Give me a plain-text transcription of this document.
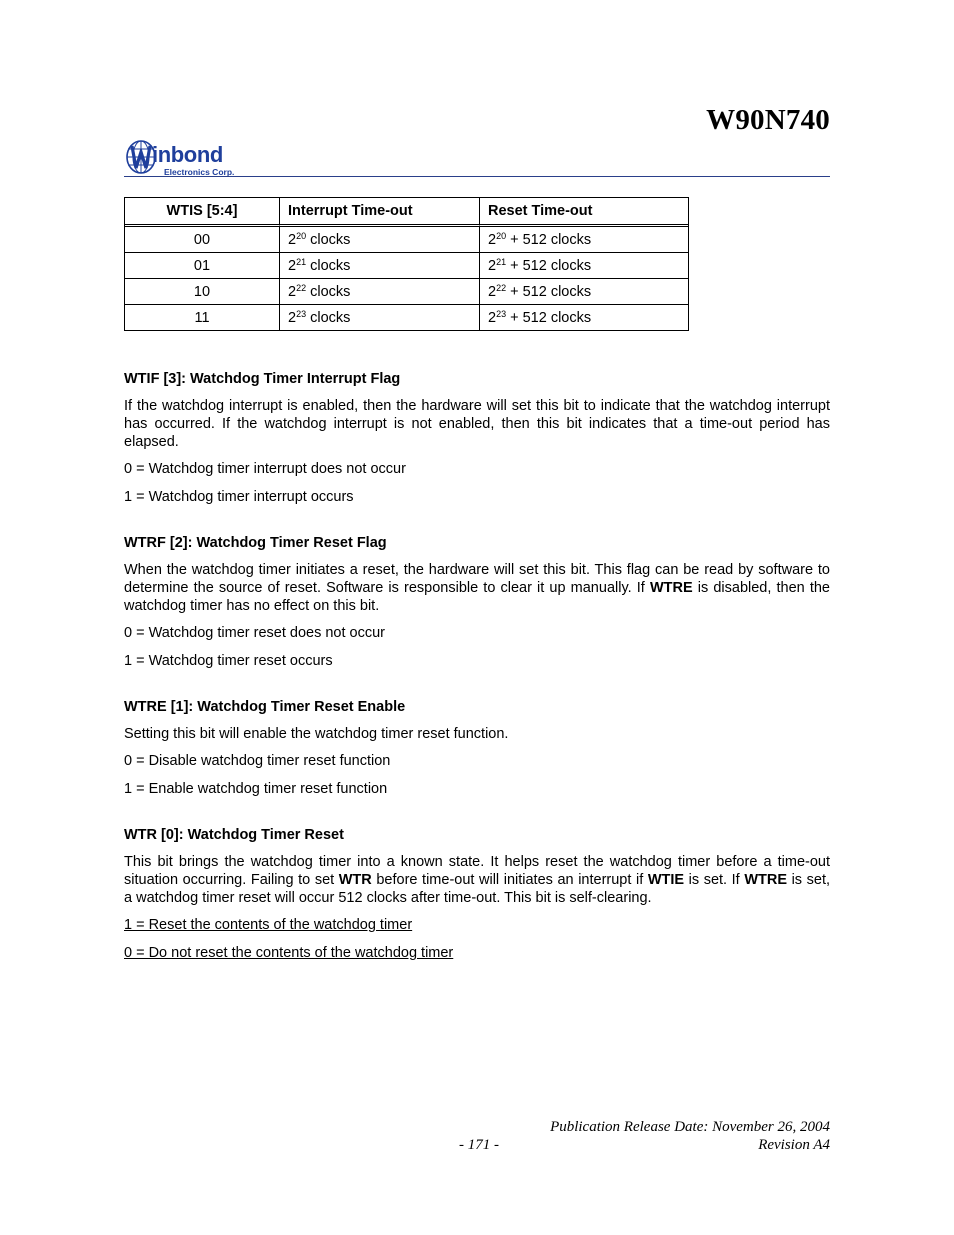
W90N740
inbond
Electronics Corp.
WTIS [5:4]	Interrupt Time-out	Reset Time-out
00	$2^{20}$ clocks	$2^{20} + 512$ clocks
01	$2^{21}$ clocks	$2^{21} + 512$ clocks
10	$2^{22}$ clocks	$2^{22} + 512$ clocks
11	$2^{23}$ clocks	$2^{23} + 512$ clocks

WTIF [3]: Watchdog Timer Interrupt Flag

If the watchdog interrupt is enabled, then the hardware will set this bit to indicate that the watchdog interrupt has occurred. If the watchdog interrupt is not enabled, then this bit indicates that a time-out period has elapsed.

0 = Watchdog timer interrupt does not occur

1 = Watchdog timer interrupt occurs

WTRF [2]: Watchdog Timer Reset Flag

When the watchdog timer initiates a reset, the hardware will set this bit. This flag can be read by software to determine the source of reset. Software is responsible to clear it up manually. If WTRE is disabled, then the watchdog timer has no effect on this bit.

0 = Watchdog timer reset does not occur

1 = Watchdog timer reset occurs

WTRE [1]: Watchdog Timer Reset Enable

Setting this bit will enable the watchdog timer reset function.

0 = Disable watchdog timer reset function

1 = Enable watchdog timer reset function

WTR [0]: Watchdog Timer Reset

This bit brings the watchdog timer into a known state. It helps reset the watchdog timer before a time-out situation occurring. Failing to set WTR before time-out will initiates an interrupt if WTIE is set. If WTRE is set, a watchdog timer reset will occur 512 clocks after time-out. This bit is self-clearing.

1 = Reset the contents of the watchdog timer

0 = Do not reset the contents of the watchdog timer

Publication Release Date: November 26, 2004
- 171 -	Revision A4
